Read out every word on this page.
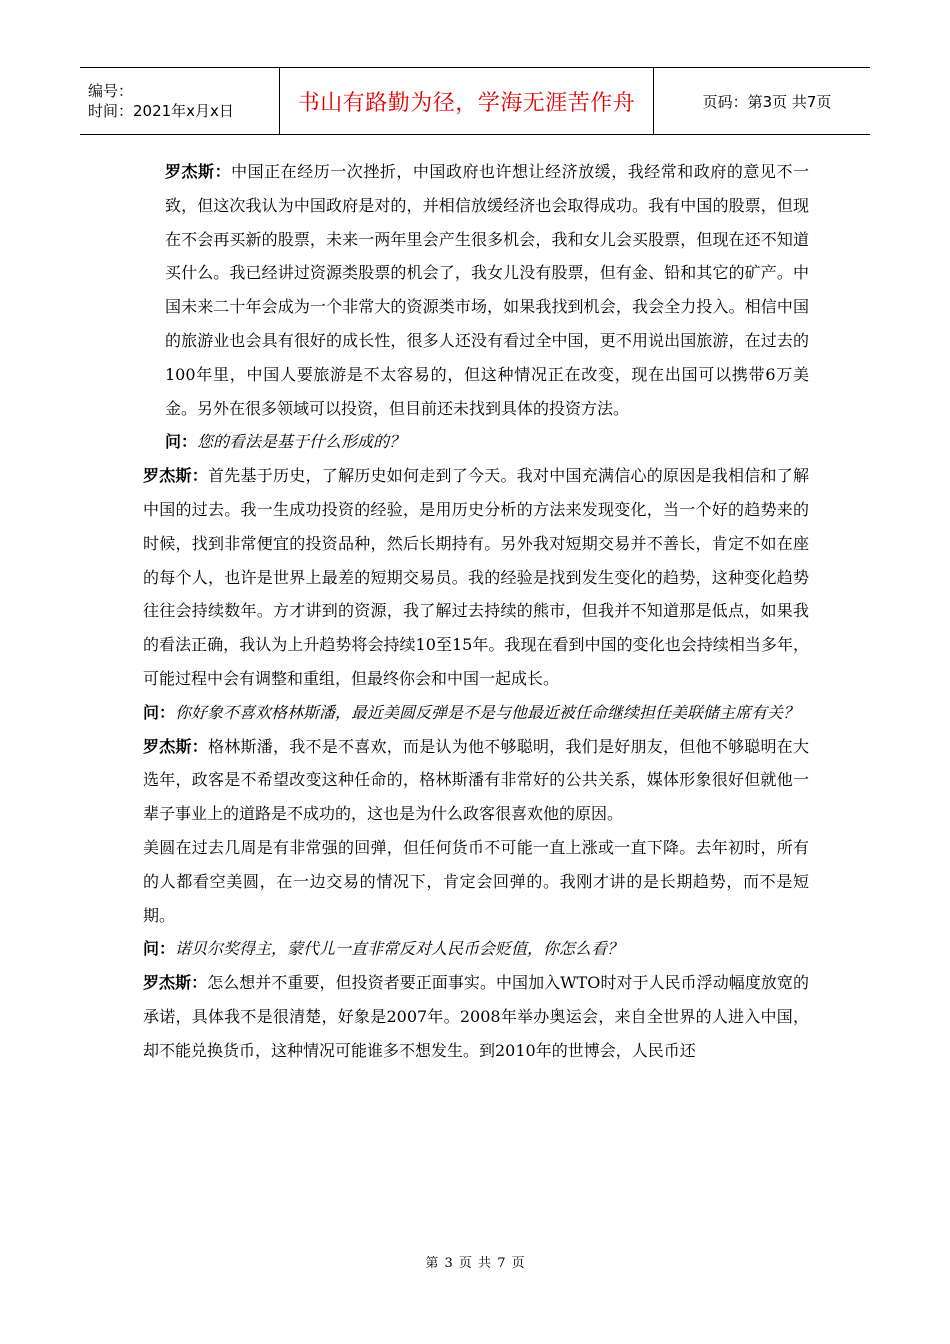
编号：
时间：2021年x月x日	书山有路勤为径，学海无涯苦作舟	页码：第3页 共7页

罗杰斯：中国正在经历一次挫折，中国政府也许想让经济放缓，我经常和政府的意见不一致，但这次我认为中国政府是对的，并相信放缓经济也会取得成功。我有中国的股票，但现在不会再买新的股票，未来一两年里会产生很多机会，我和女儿会买股票，但现在还不知道买什么。我已经讲过资源类股票的机会了，我女儿没有股票，但有金、铅和其它的矿产。中国未来二十年会成为一个非常大的资源类市场，如果我找到机会，我会全力投入。相信中国的旅游业也会具有很好的成长性，很多人还没有看过全中国，更不用说出国旅游，在过去的100年里，中国人要旅游是不太容易的，但这种情况正在改变，现在出国可以携带6万美金。另外在很多领域可以投资，但目前还未找到具体的投资方法。

问：您的看法是基于什么形成的？

罗杰斯：首先基于历史，了解历史如何走到了今天。我对中国充满信心的原因是我相信和了解中国的过去。我一生成功投资的经验，是用历史分析的方法来发现变化，当一个好的趋势来的时候，找到非常便宜的投资品种，然后长期持有。另外我对短期交易并不善长，肯定不如在座的每个人，也许是世界上最差的短期交易员。我的经验是找到发生变化的趋势，这种变化趋势往往会持续数年。方才讲到的资源，我了解过去持续的熊市，但我并不知道那是低点，如果我的看法正确，我认为上升趋势将会持续10至15年。我现在看到中国的变化也会持续相当多年，可能过程中会有调整和重组，但最终你会和中国一起成长。

问：你好象不喜欢格林斯潘，最近美圆反弹是不是与他最近被任命继续担任美联储主席有关？

罗杰斯：格林斯潘，我不是不喜欢，而是认为他不够聪明，我们是好朋友，但他不够聪明在大选年，政客是不希望改变这种任命的，格林斯潘有非常好的公共关系，媒体形象很好但就他一辈子事业上的道路是不成功的，这也是为什么政客很喜欢他的原因。

美圆在过去几周是有非常强的回弹，但任何货币不可能一直上涨或一直下降。去年初时，所有的人都看空美圆，在一边交易的情况下，肯定会回弹的。我刚才讲的是长期趋势，而不是短期。

问：诺贝尔奖得主，蒙代儿一直非常反对人民币会贬值，你怎么看？

罗杰斯：怎么想并不重要，但投资者要正面事实。中国加入WTO时对于人民币浮动幅度放宽的承诺，具体我不是很清楚，好象是2007年。2008年举办奥运会，来自全世界的人进入中国，却不能兑换货币，这种情况可能谁多不想发生。到2010年的世博会，人民币还

第 3 页 共 7 页
